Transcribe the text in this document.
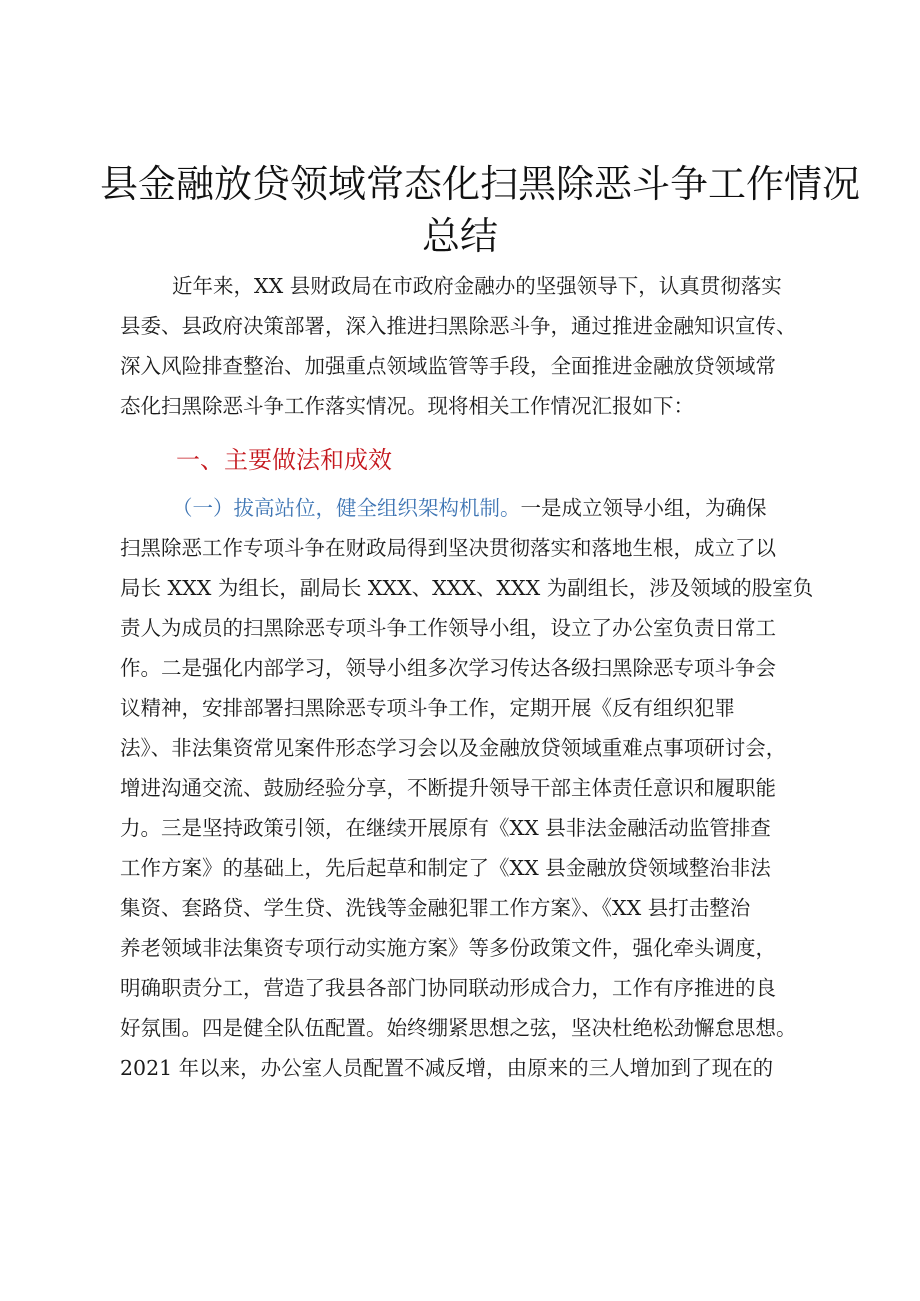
县金融放贷领域常态化扫黑除恶斗争工作情况
总结
近年来，XX 县财政局在市政府金融办的坚强领导下，认真贯彻落实
县委、县政府决策部署，深入推进扫黑除恶斗争，通过推进金融知识宣传、
深入风险排查整治、加强重点领域监管等手段，全面推进金融放贷领域常
态化扫黑除恶斗争工作落实情况。现将相关工作情况汇报如下：
一、主要做法和成效
（一）拔高站位，健全组织架构机制。一是成立领导小组，为确保
扫黑除恶工作专项斗争在财政局得到坚决贯彻落实和落地生根，成立了以
局长 XXX 为组长，副局长 XXX、XXX、XXX 为副组长，涉及领域的股室负
责人为成员的扫黑除恶专项斗争工作领导小组，设立了办公室负责日常工
作。二是强化内部学习，领导小组多次学习传达各级扫黑除恶专项斗争会
议精神，安排部署扫黑除恶专项斗争工作，定期开展《反有组织犯罪
法》、非法集资常见案件形态学习会以及金融放贷领域重难点事项研讨会，
增进沟通交流、鼓励经验分享，不断提升领导干部主体责任意识和履职能
力。三是坚持政策引领，在继续开展原有《XX 县非法金融活动监管排查
工作方案》的基础上，先后起草和制定了《XX 县金融放贷领域整治非法
集资、套路贷、学生贷、洗钱等金融犯罪工作方案》、《XX 县打击整治
养老领域非法集资专项行动实施方案》等多份政策文件，强化牵头调度，
明确职责分工，营造了我县各部门协同联动形成合力，工作有序推进的良
好氛围。四是健全队伍配置。始终绷紧思想之弦，坚决杜绝松劲懈怠思想。
2021 年以来，办公室人员配置不减反增，由原来的三人增加到了现在的
